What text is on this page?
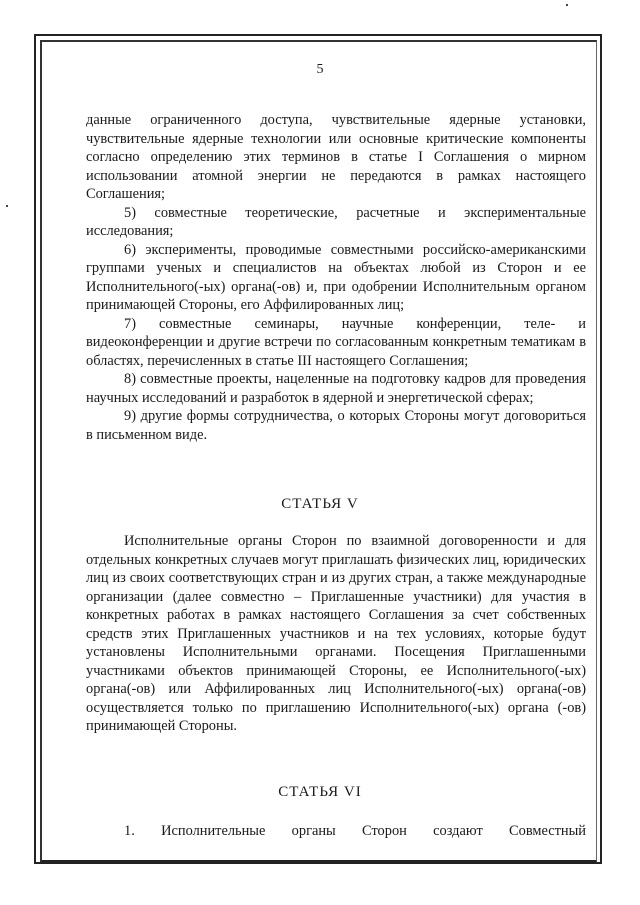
5

данные ограниченного доступа, чувствительные ядерные установки, чувствительные ядерные технологии или основные критические компоненты согласно определению этих терминов в статье I Соглашения о мирном использовании атомной энергии не передаются в рамках настоящего Соглашения;

5) совместные теоретические, расчетные и экспериментальные исследования;

6) эксперименты, проводимые совместными российско-американскими группами ученых и специалистов на объектах любой из Сторон и ее Исполнительного(-ых) органа(-ов) и, при одобрении Исполнительным органом принимающей Стороны, его Аффилированных лиц;

7) совместные семинары, научные конференции, теле- и видеоконференции и другие встречи по согласованным конкретным тематикам в областях, перечисленных в статье III настоящего Соглашения;

8) совместные проекты, нацеленные на подготовку кадров для проведения научных исследований и разработок в ядерной и энергетической сферах;

9) другие формы сотрудничества, о которых Стороны могут договориться в письменном виде.

СТАТЬЯ V

Исполнительные органы Сторон по взаимной договоренности и для отдельных конкретных случаев могут приглашать физических лиц, юридических лиц из своих соответствующих стран и из других стран, а также международные организации (далее совместно – Приглашенные участники) для участия в конкретных работах в рамках настоящего Соглашения за счет собственных средств этих Приглашенных участников и на тех условиях, которые будут установлены Исполнительными органами. Посещения Приглашенными участниками объектов принимающей Стороны, ее Исполнительного(-ых) органа(-ов) или Аффилированных лиц Исполнительного(-ых) органа(-ов) осуществляется только по приглашению Исполнительного(-ых) органа (-ов) принимающей Стороны.

СТАТЬЯ VI

1. Исполнительные органы Сторон создают Совместный
